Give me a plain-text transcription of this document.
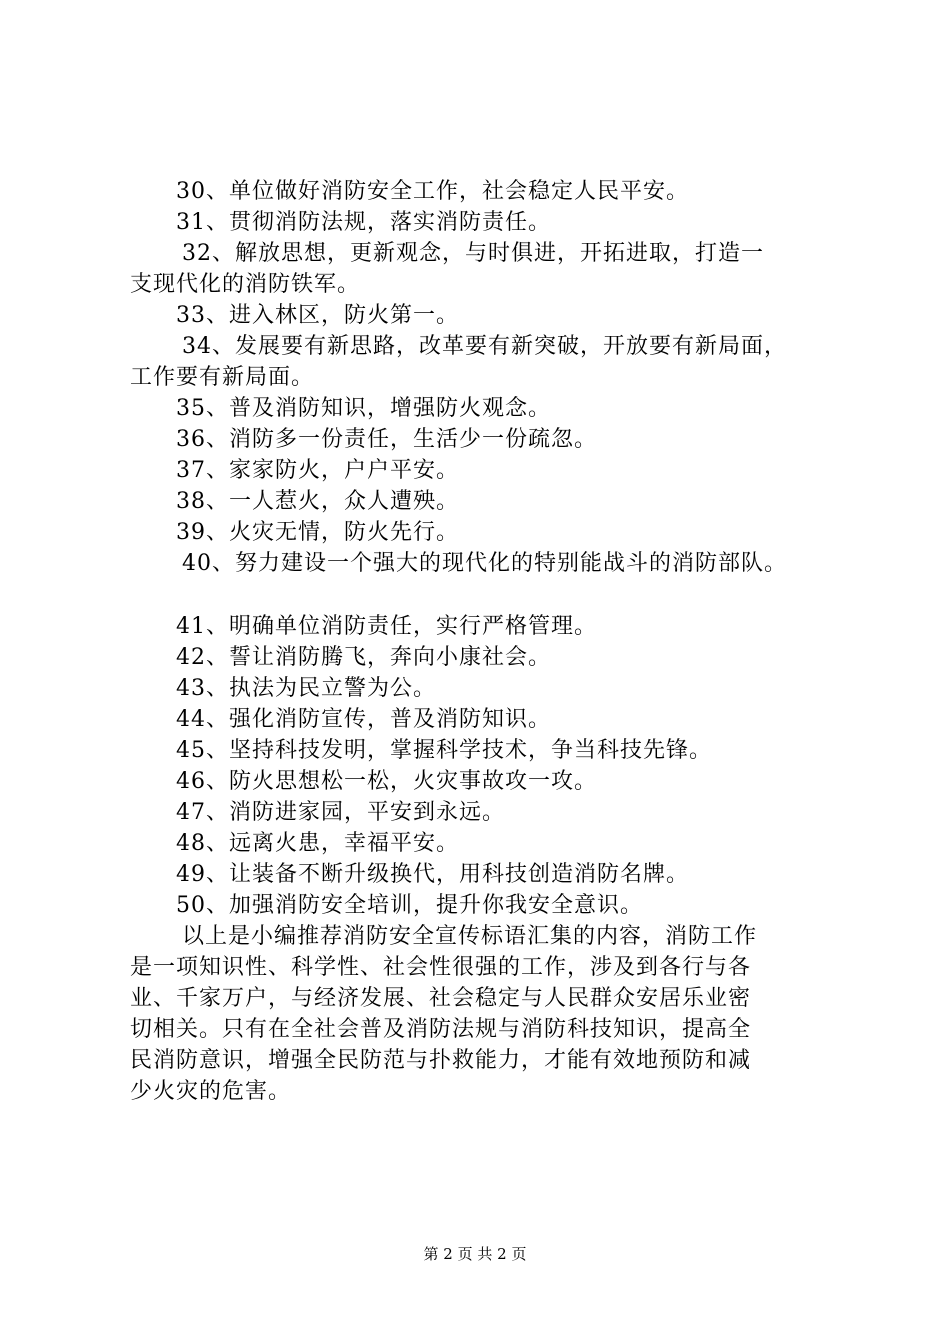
30、单位做好消防安全工作，社会稳定人民平安。
31、贯彻消防法规，落实消防责任。
32、解放思想，更新观念，与时俱进，开拓进取，打造一
支现代化的消防铁军。
33、进入林区，防火第一。
34、发展要有新思路，改革要有新突破，开放要有新局面，
工作要有新局面。
35、普及消防知识，增强防火观念。
36、消防多一份责任，生活少一份疏忽。
37、家家防火，户户平安。
38、一人惹火，众人遭殃。
39、火灾无情，防火先行。
40、努力建设一个强大的现代化的特别能战斗的消防部队。
41、明确单位消防责任，实行严格管理。
42、誓让消防腾飞，奔向小康社会。
43、执法为民立警为公。
44、强化消防宣传，普及消防知识。
45、坚持科技发明，掌握科学技术，争当科技先锋。
46、防火思想松一松，火灾事故攻一攻。
47、消防进家园，平安到永远。
48、远离火患，幸福平安。
49、让装备不断升级换代，用科技创造消防名牌。
50、加强消防安全培训，提升你我安全意识。
以上是小编推荐消防安全宣传标语汇集的内容，消防工作
是一项知识性、科学性、社会性很强的工作，涉及到各行与各
业、千家万户，与经济发展、社会稳定与人民群众安居乐业密
切相关。只有在全社会普及消防法规与消防科技知识，提高全
民消防意识，增强全民防范与扑救能力，才能有效地预防和减
少火灾的危害。
第 2 页 共 2 页
